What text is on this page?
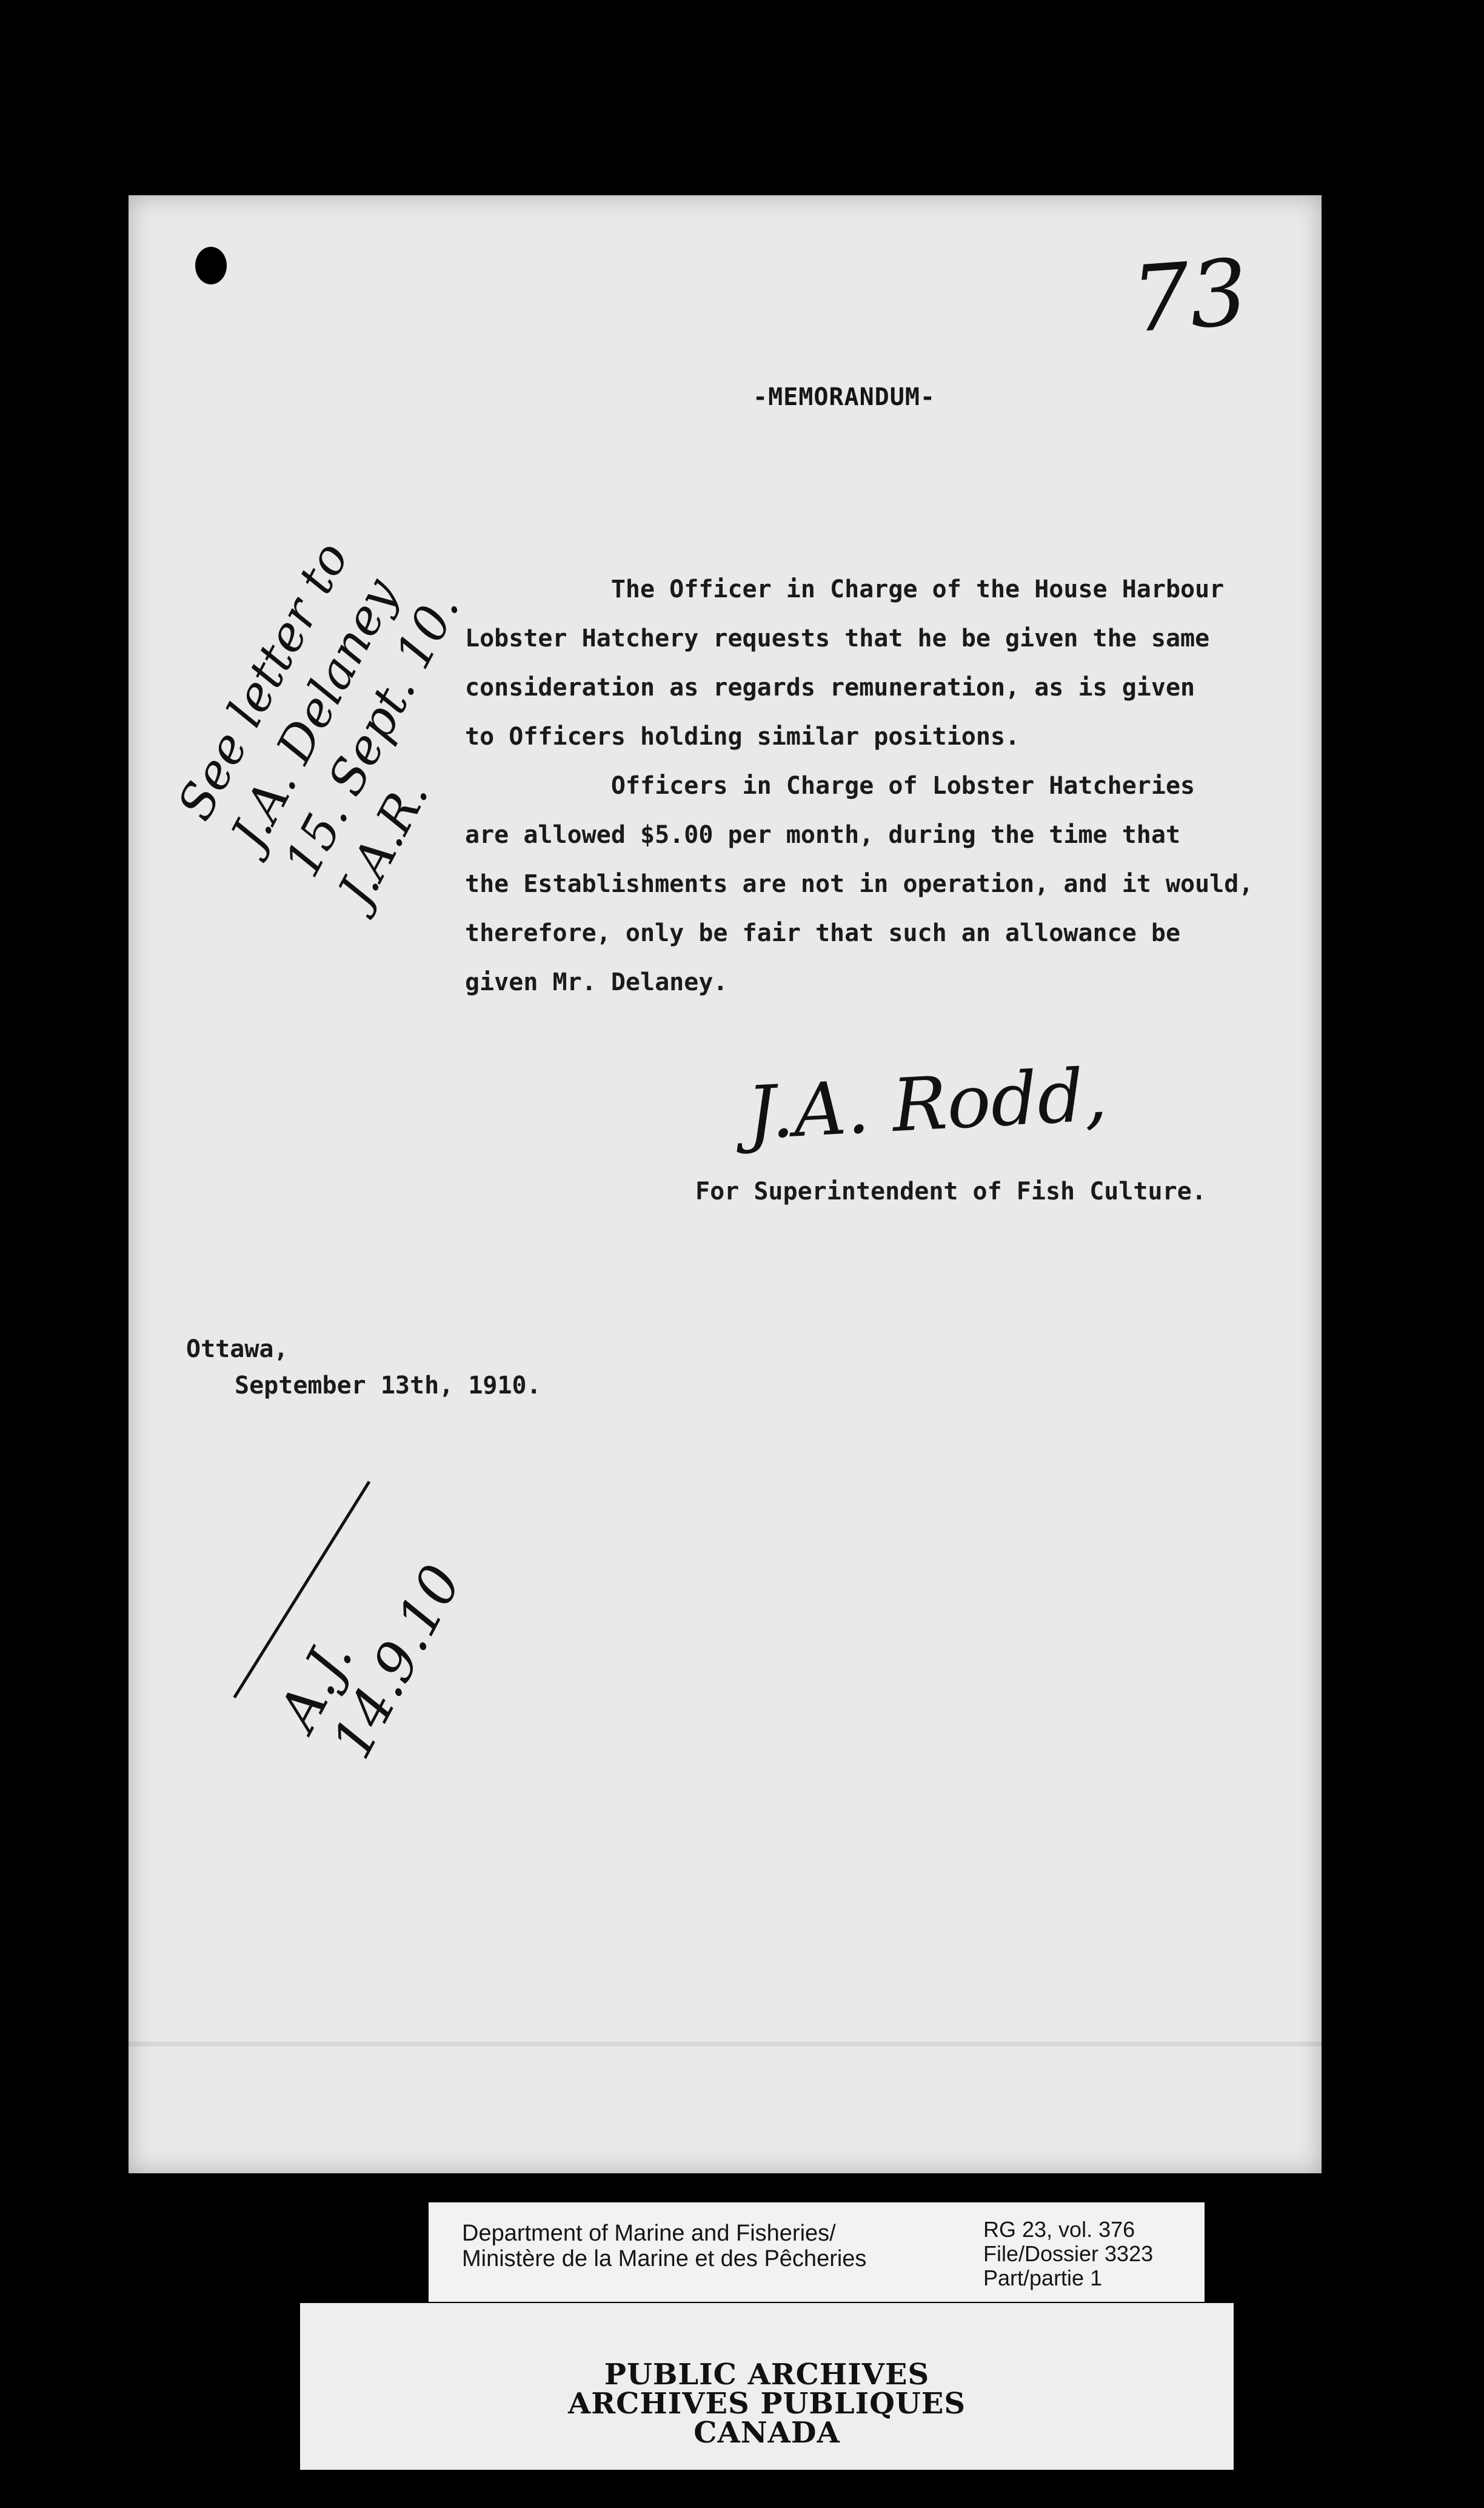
73
See letter to
J.A. Delaney
15. Sept. 10.
J.A.R.
-MEMORANDUM-
The Officer in Charge of the House Harbour
Lobster Hatchery requests that he be given the same
consideration as regards remuneration, as is given
to Officers holding similar positions.
Officers in Charge of Lobster Hatcheries
are allowed $5.00 per month, during the time that
the Establishments are not in operation, and it would,
therefore, only be fair that such an allowance be
given Mr. Delaney.
J.A. Rodd,
For Superintendent of Fish Culture.
Ottawa,
September 13th, 1910.
A.J.
14.9.10
Department of Marine and Fisheries/
Ministère de la Marine et des Pêcheries
RG 23, vol. 376
File/Dossier 3323
Part/partie 1
PUBLIC ARCHIVES
ARCHIVES PUBLIQUES
CANADA
